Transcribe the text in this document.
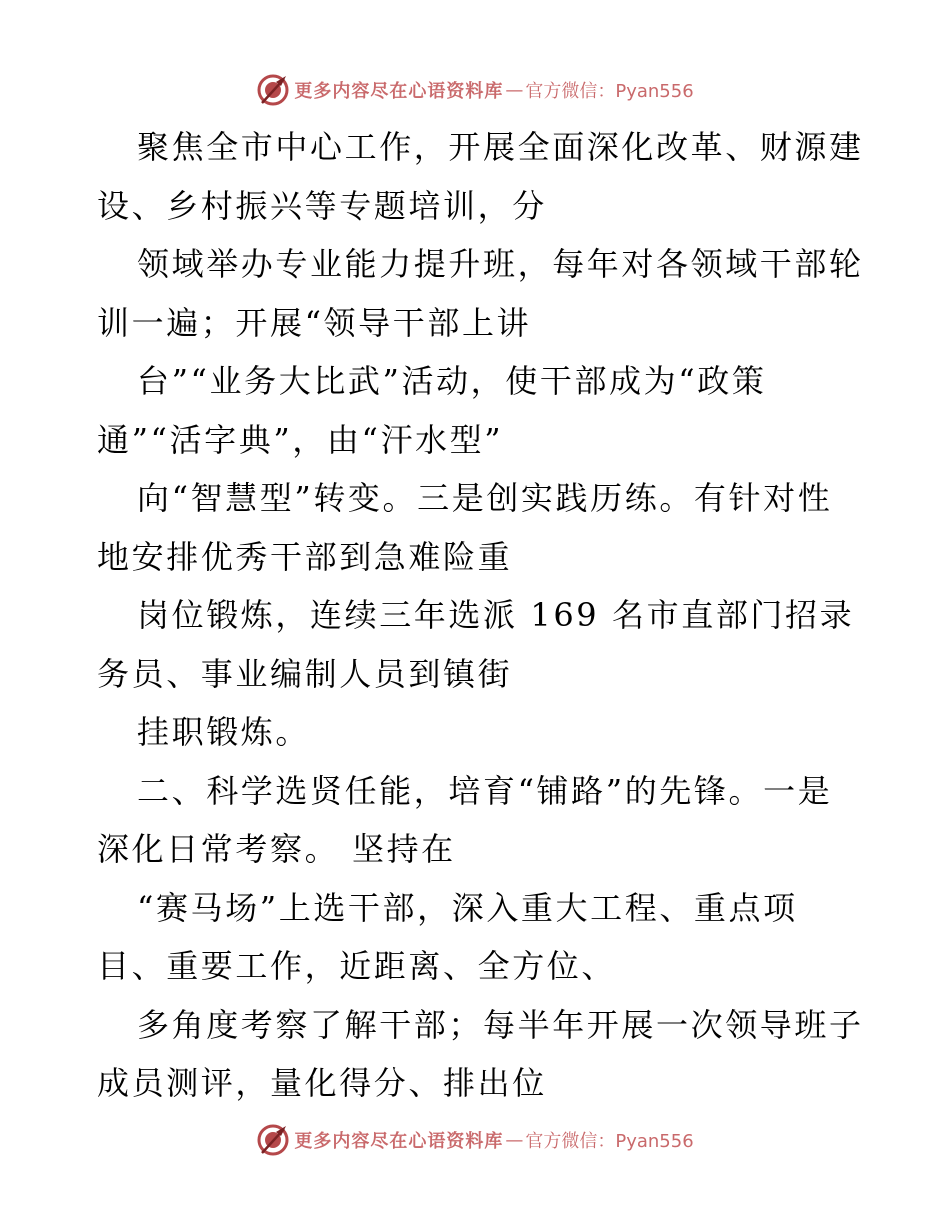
更多内容尽在心语资料库 — 官方微信：Pyan556
聚焦全市中心工作，开展全面深化改革、财源建
设、乡村振兴等专题培训，分
领域举办专业能力提升班，每年对各领域干部轮
训一遍；开展“领导干部上讲
台”“业务大比武”活动，使干部成为“政策
通”“活字典”，由“汗水型”
向“智慧型”转变。三是创实践历练。有针对性
地安排优秀干部到急难险重
岗位锻炼，连续三年选派 169 名市直部门招录
务员、事业编制人员到镇街
挂职锻炼。
二、科学选贤任能，培育“铺路”的先锋。一是
深化日常考察。 坚持在
“赛马场”上选干部，深入重大工程、重点项
目、重要工作，近距离、全方位、
多角度考察了解干部；每半年开展一次领导班子
成员测评，量化得分、排出位
更多内容尽在心语资料库 — 官方微信：Pyan556
